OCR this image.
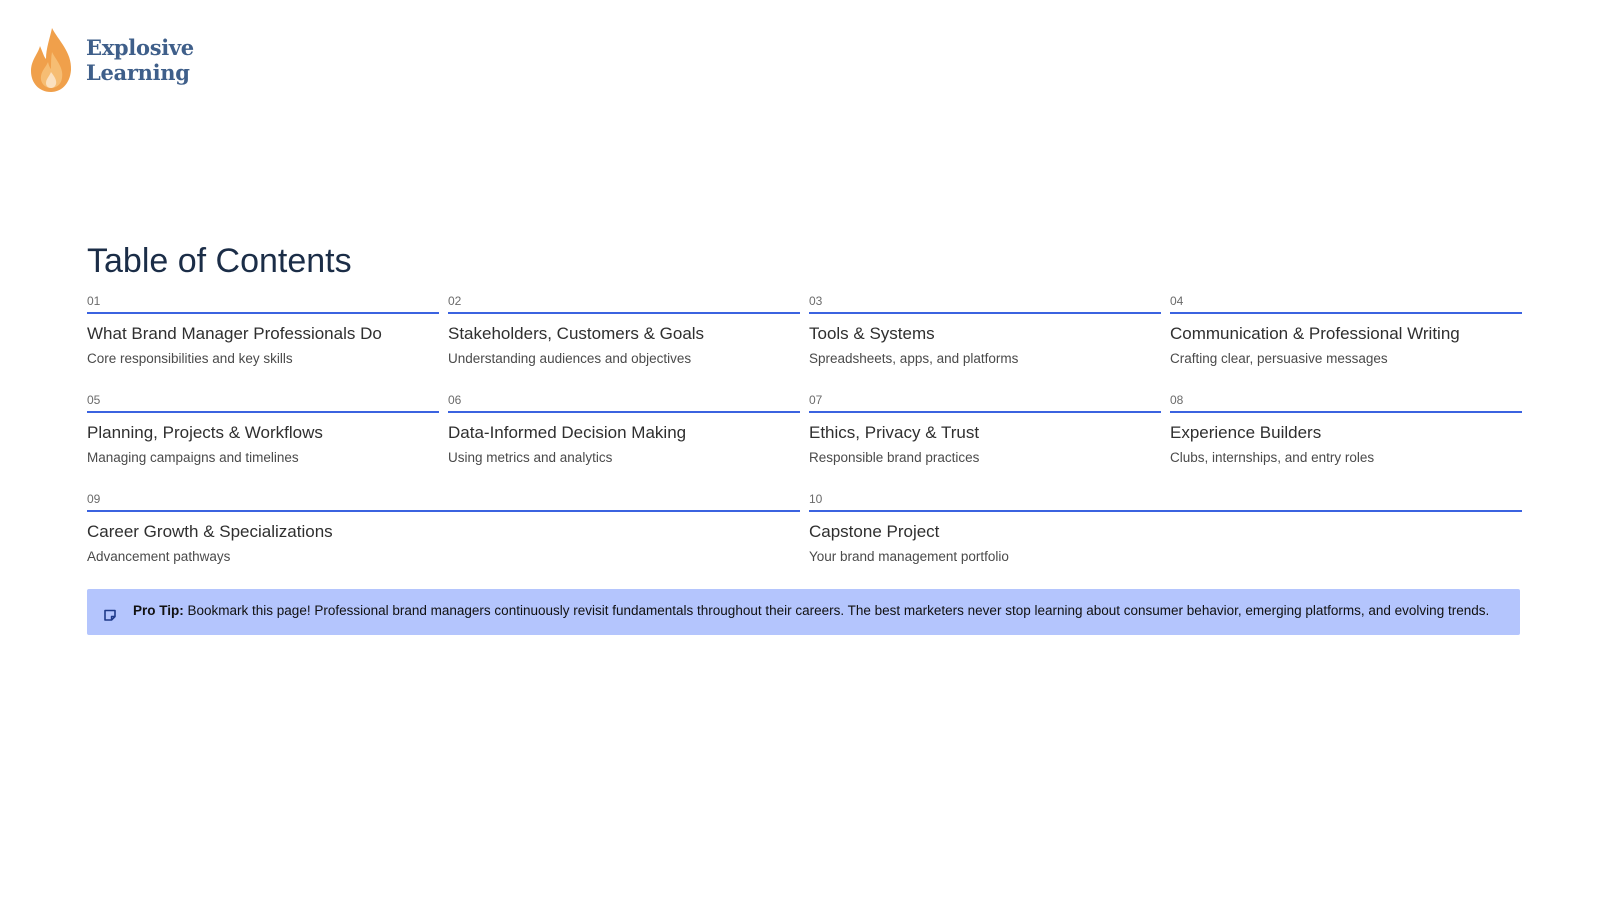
Explosive
Learning
Table of Contents
01
What Brand Manager Professionals Do
Core responsibilities and key skills
02
Stakeholders, Customers & Goals
Understanding audiences and objectives
03
Tools & Systems
Spreadsheets, apps, and platforms
04
Communication & Professional Writing
Crafting clear, persuasive messages
05
Planning, Projects & Workflows
Managing campaigns and timelines
06
Data-Informed Decision Making
Using metrics and analytics
07
Ethics, Privacy & Trust
Responsible brand practices
08
Experience Builders
Clubs, internships, and entry roles
09
Career Growth & Specializations
Advancement pathways
10
Capstone Project
Your brand management portfolio
Pro Tip: Bookmark this page! Professional brand managers continuously revisit fundamentals throughout their careers. The best marketers never stop learning about consumer behavior, emerging platforms, and evolving trends.
